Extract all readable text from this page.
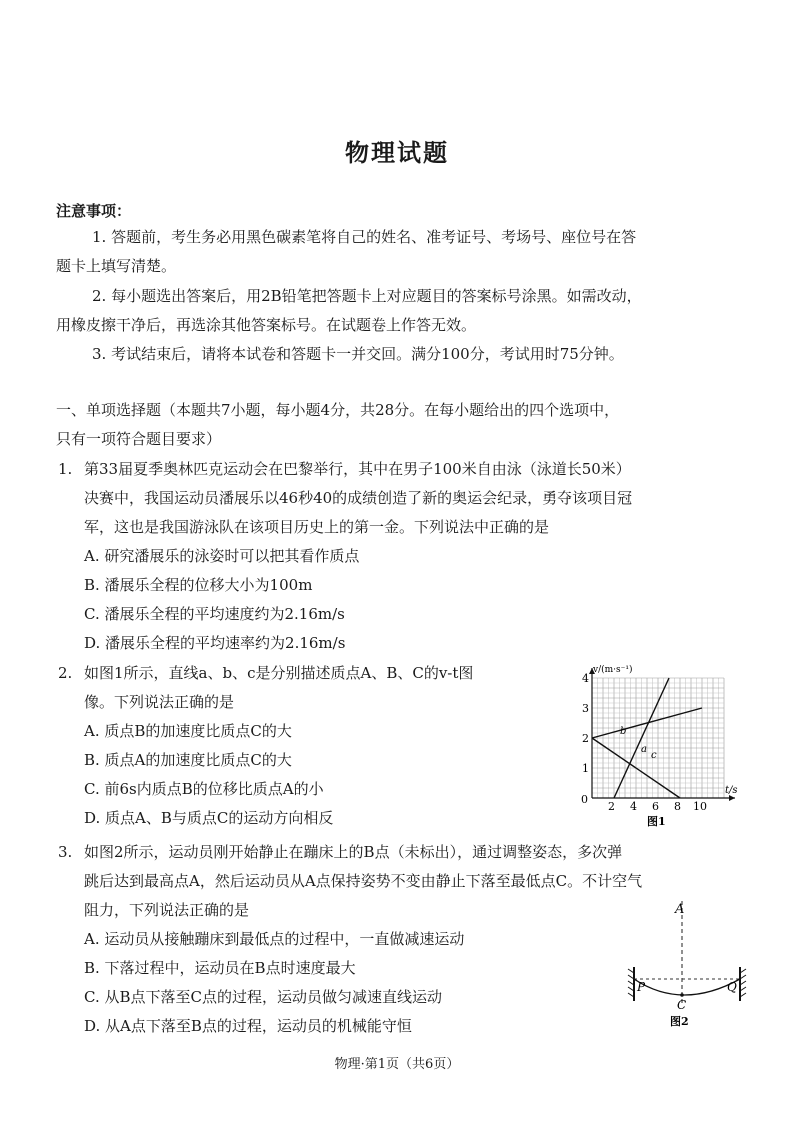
物理试题
注意事项：
1. 答题前，考生务必用黑色碳素笔将自己的姓名、准考证号、考场号、座位号在答
题卡上填写清楚。
2. 每小题选出答案后，用2B铅笔把答题卡上对应题目的答案标号涂黑。如需改动，
用橡皮擦干净后，再选涂其他答案标号。在试题卷上作答无效。
3. 考试结束后，请将本试卷和答题卡一并交回。满分100分，考试用时75分钟。
一、单项选择题（本题共7小题，每小题4分，共28分。在每小题给出的四个选项中，
只有一项符合题目要求）
1. 第33届夏季奥林匹克运动会在巴黎举行，其中在男子100米自由泳（泳道长50米）
决赛中，我国运动员潘展乐以46秒40的成绩创造了新的奥运会纪录，勇夺该项目冠
军，这也是我国游泳队在该项目历史上的第一金。下列说法中正确的是
A. 研究潘展乐的泳姿时可以把其看作质点
B. 潘展乐全程的位移大小为100m
C. 潘展乐全程的平均速度约为2.16m/s
D. 潘展乐全程的平均速率约为2.16m/s
2. 如图1所示，直线a、b、c是分别描述质点A、B、C的v-t图
像。下列说法正确的是
A. 质点B的加速度比质点C的大
B. 质点A的加速度比质点C的大
C. 前6s内质点B的位移比质点A的小
D. 质点A、B与质点C的运动方向相反
v/(m·s⁻¹)
t/s
0
1
2
3
4
2 4 6 8 10
b
a
c
图1
3. 如图2所示，运动员刚开始静止在蹦床上的B点（未标出），通过调整姿态，多次弹
跳后达到最高点A，然后运动员从A点保持姿势不变由静止下落至最低点C。不计空气
阻力，下列说法正确的是
A. 运动员从接触蹦床到最低点的过程中，一直做减速运动
B. 下落过程中，运动员在B点时速度最大
C. 从B点下落至C点的过程，运动员做匀减速直线运动
D. 从A点下落至B点的过程，运动员的机械能守恒
A
P	Q
C
图2
物理·第1页（共6页）
